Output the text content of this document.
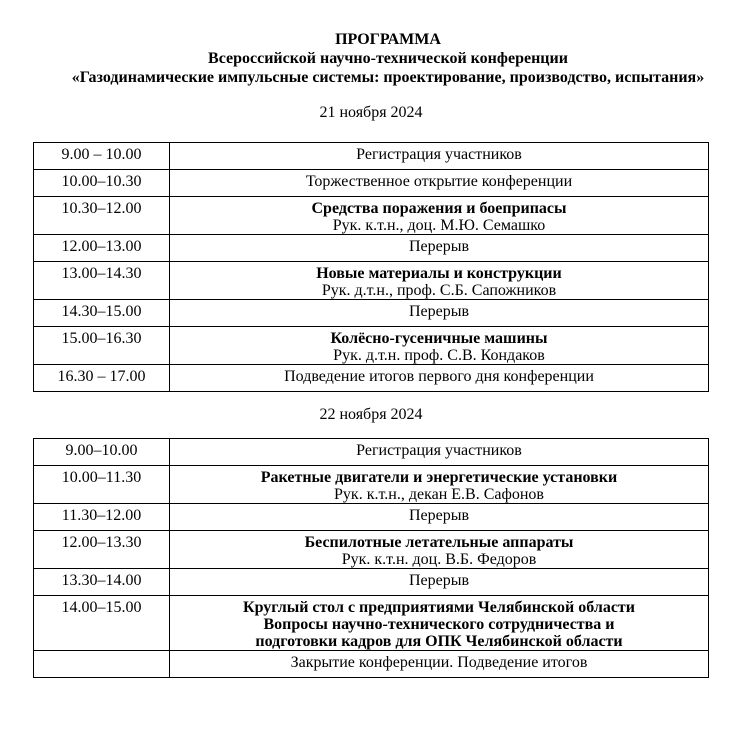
ПРОГРАММА
Всероссийской научно-технической конференции
«Газодинамические импульсные системы: проектирование, производство, испытания»
21 ноября 2024
9.00 – 10.00	Регистрация участников

10.00–10.30	Торжественное открытие конференции

10.30–12.00	Средства поражения и боеприпасы
Рук. к.т.н., доц. М.Ю. Семашко

12.00–13.00	Перерыв

13.00–14.30	Новые материалы и конструкции
Рук. д.т.н., проф. С.Б. Сапожников

14.30–15.00	Перерыв

15.00–16.30	Колёсно-гусеничные машины
Рук. д.т.н. проф. С.В. Кондаков

16.30 – 17.00	Подведение итогов первого дня конференции
22 ноября 2024
9.00–10.00	Регистрация участников

10.00–11.30	Ракетные двигатели и энергетические установки
Рук. к.т.н., декан Е.В. Сафонов

11.30–12.00	Перерыв

12.00–13.30	Беспилотные летательные аппараты
Рук. к.т.н. доц. В.Б. Федоров

13.30–14.00	Перерыв

14.00–15.00	Круглый стол с предприятиями Челябинской области
Вопросы научно-технического сотрудничества и
подготовки кадров для ОПК Челябинской области

	Закрытие конференции. Подведение итогов
